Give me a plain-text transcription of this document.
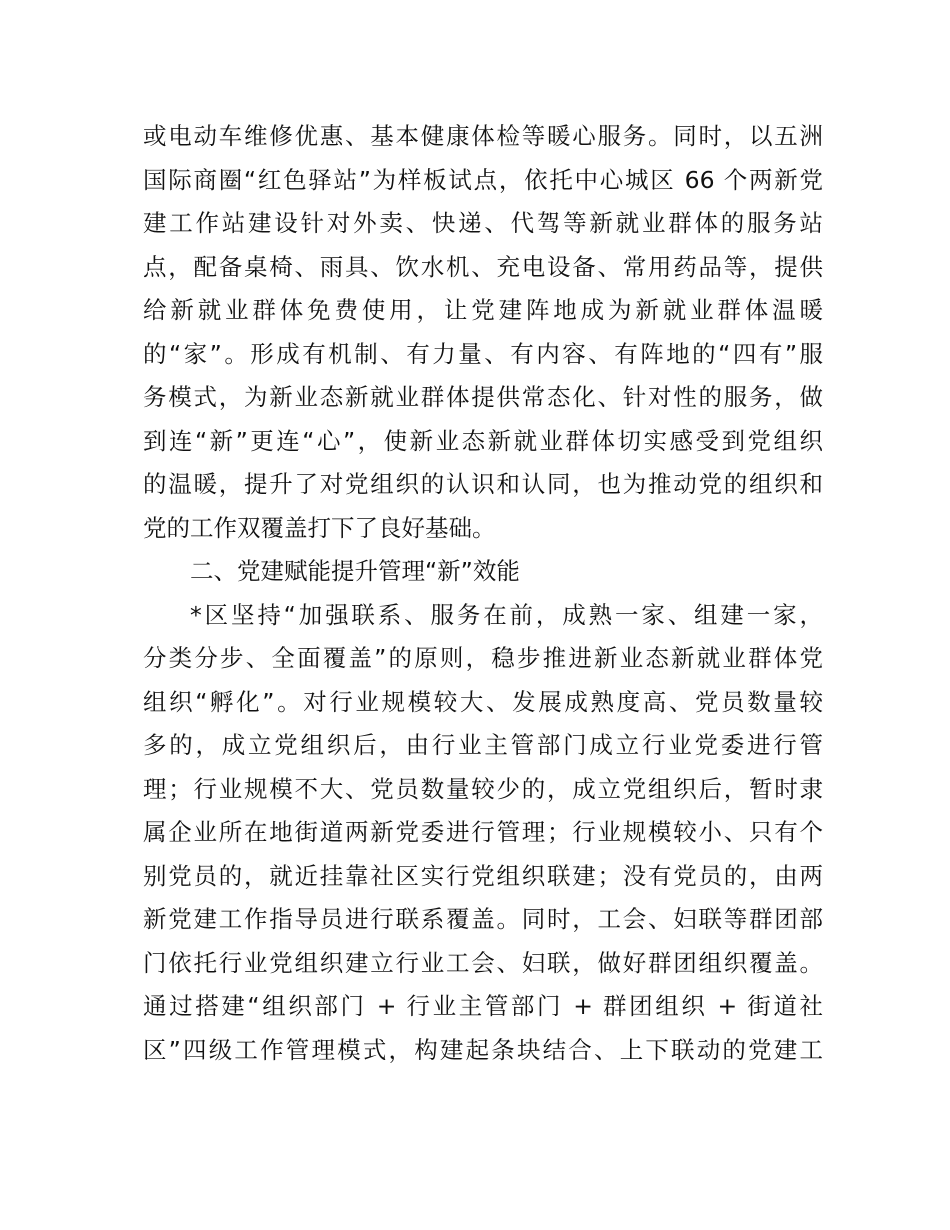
或电动车维修优惠、基本健康体检等暖心服务。同时，以五洲
国际商圈“红色驿站”为样板试点，依托中心城区 66 个两新党
建工作站建设针对外卖、快递、代驾等新就业群体的服务站
点，配备桌椅、雨具、饮水机、充电设备、常用药品等，提供
给新就业群体免费使用，让党建阵地成为新就业群体温暖
的“家”。形成有机制、有力量、有内容、有阵地的“四有”服
务模式，为新业态新就业群体提供常态化、针对性的服务，做
到连“新”更连“心”，使新业态新就业群体切实感受到党组织
的温暖，提升了对党组织的认识和认同，也为推动党的组织和
党的工作双覆盖打下了良好基础。
二、党建赋能提升管理“新”效能
*区坚持“加强联系、服务在前，成熟一家、组建一家，
分类分步、全面覆盖”的原则，稳步推进新业态新就业群体党
组织“孵化”。对行业规模较大、发展成熟度高、党员数量较
多的，成立党组织后，由行业主管部门成立行业党委进行管
理；行业规模不大、党员数量较少的，成立党组织后，暂时隶
属企业所在地街道两新党委进行管理；行业规模较小、只有个
别党员的，就近挂靠社区实行党组织联建；没有党员的，由两
新党建工作指导员进行联系覆盖。同时，工会、妇联等群团部
门依托行业党组织建立行业工会、妇联，做好群团组织覆盖。
通过搭建“组织部门 + 行业主管部门 + 群团组织 + 街道社
区”四级工作管理模式，构建起条块结合、上下联动的党建工
